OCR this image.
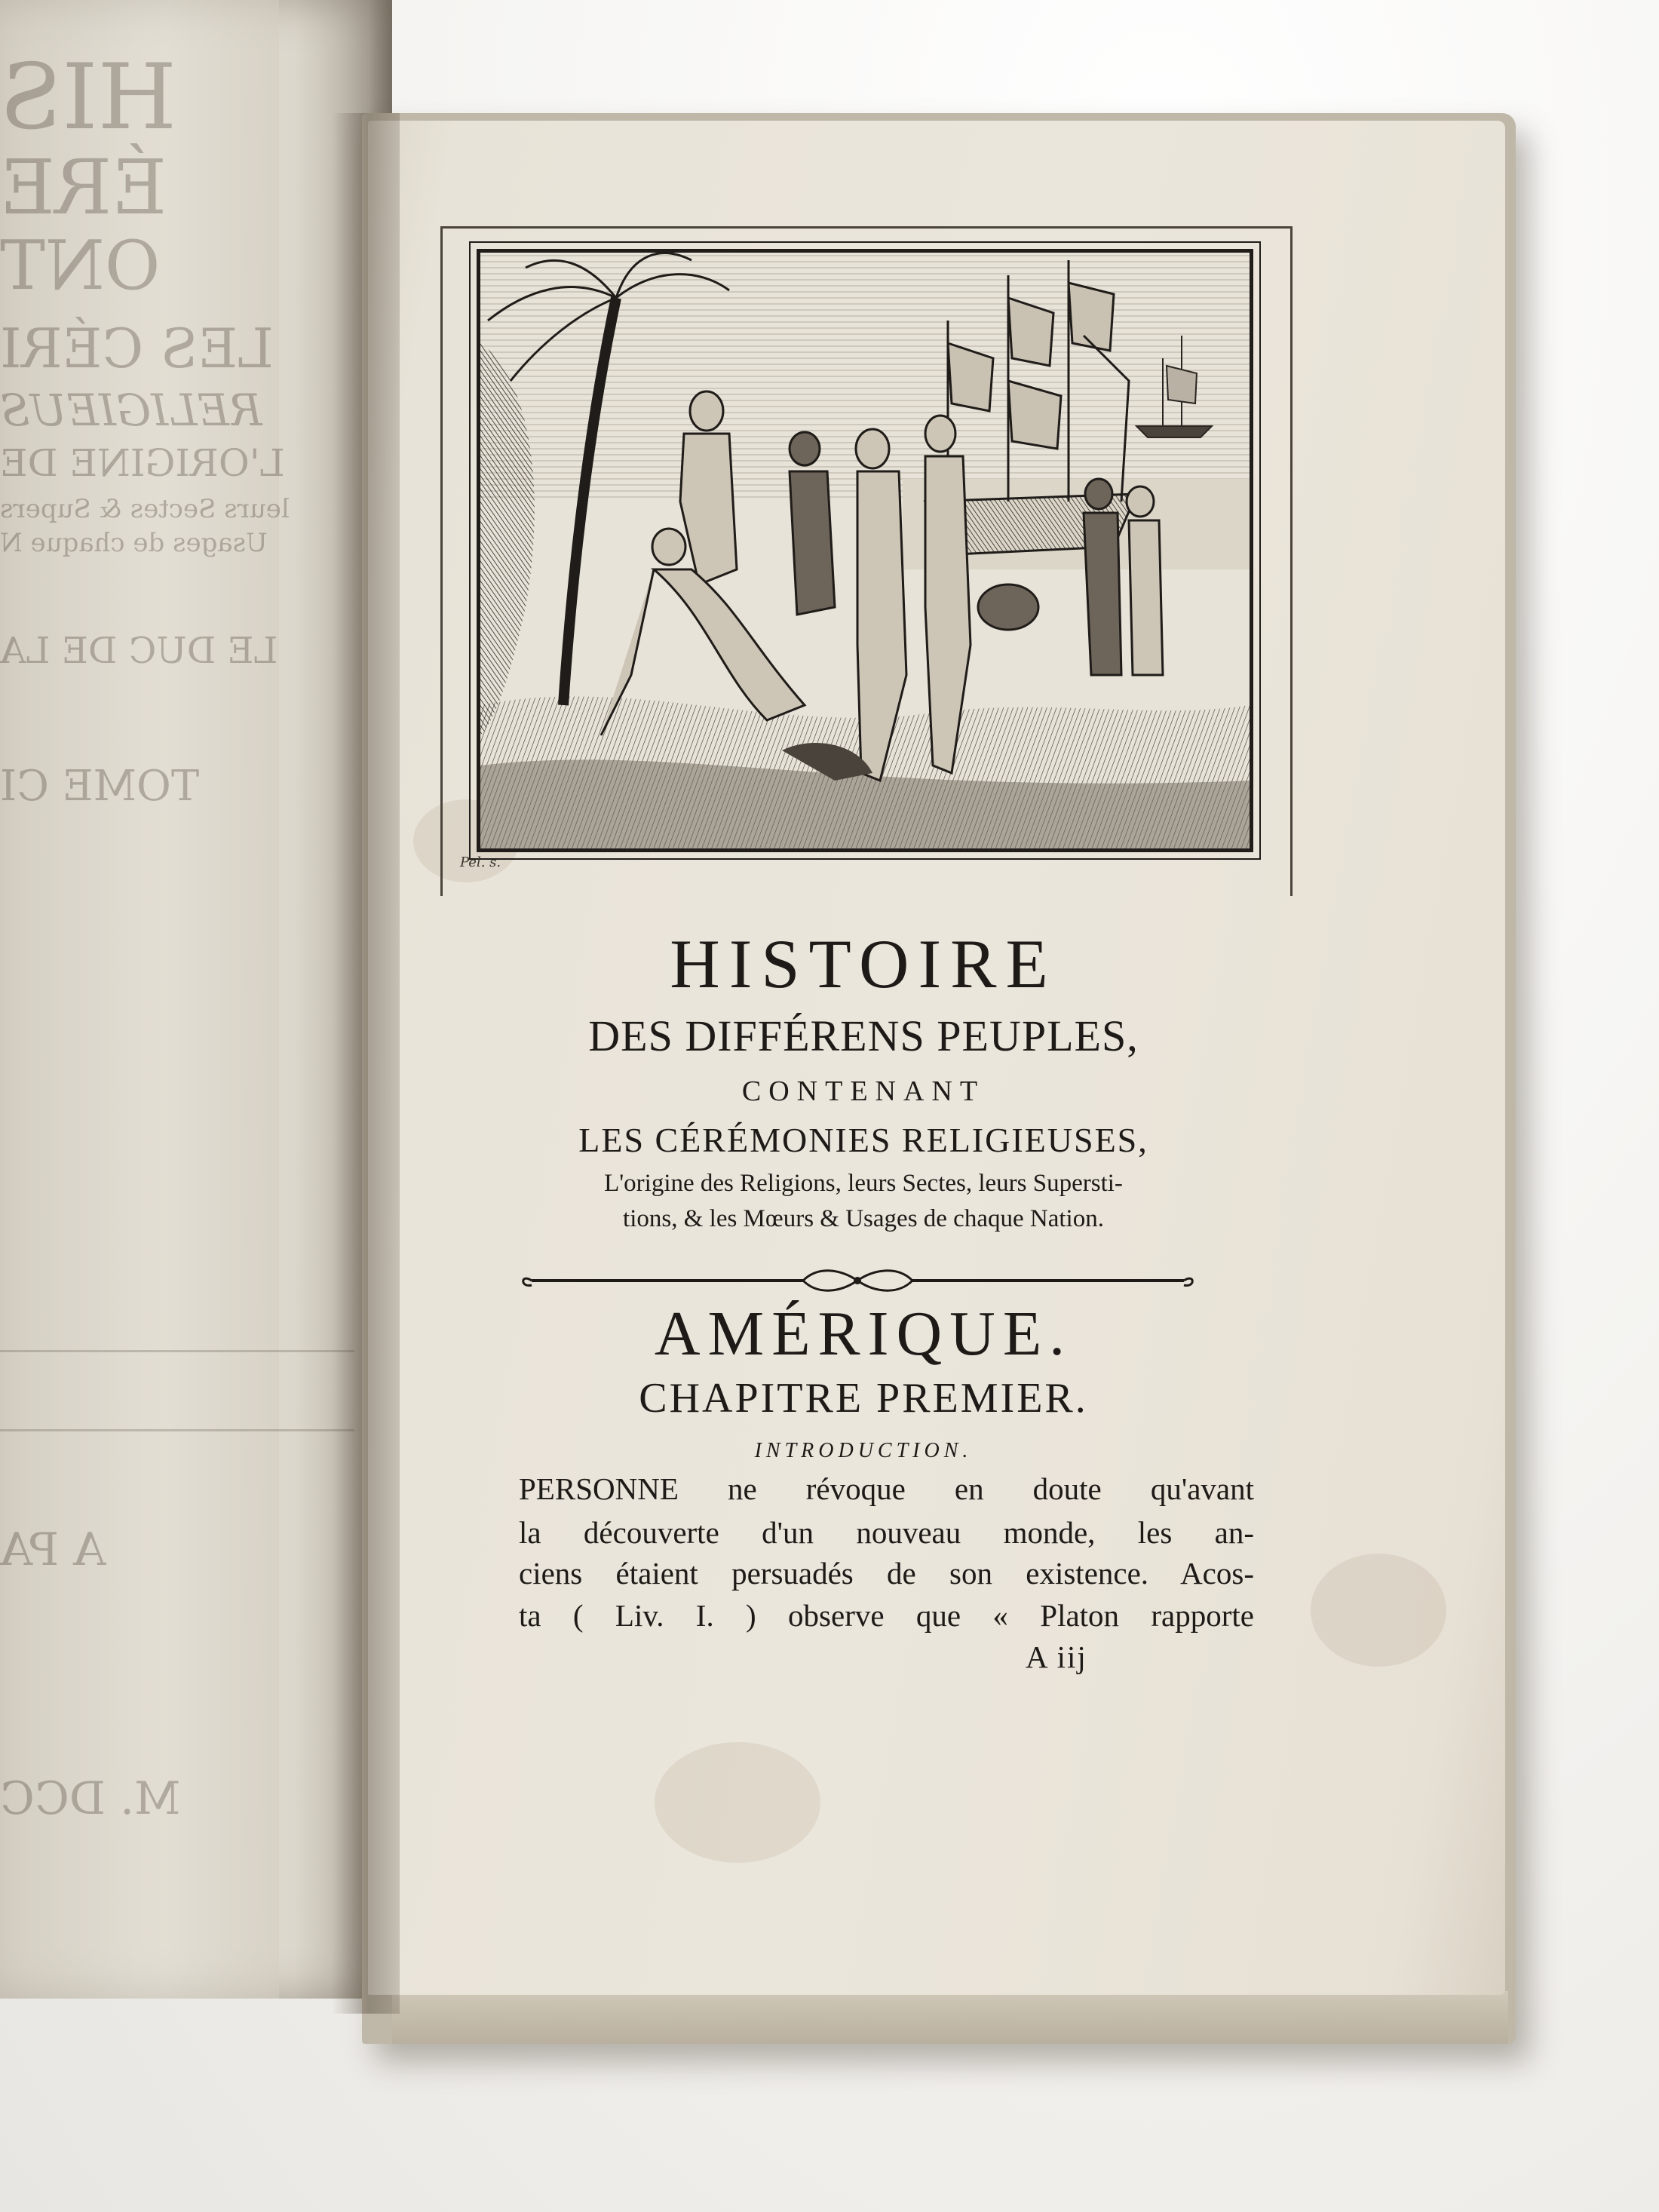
HIS
ÉRE
ONT
LES CÉRI
RELIGIEUS
L'ORIGINE DE
leurs Sectes & Supers
Usages de chaque N
LE DUC DE LA
TOME CI
A PA
M. DCC
Pel. s.
HISTOIRE
DES DIFFÉRENS PEUPLES,
CONTENANT
LES CÉRÉMONIES RELIGIEUSES,
L'origine des Religions, leurs Sectes, leurs Supersti-
tions, & les Mœurs & Usages de chaque Nation.
AMÉRIQUE.
CHAPITRE PREMIER.
INTRODUCTION.
PERSONNE ne révoque en doute qu'avant
la découverte d'un nouveau monde, les an-
ciens étaient persuadés de son existence. Acos-
ta ( Liv. I. ) observe que « Platon rapporte
A iij
